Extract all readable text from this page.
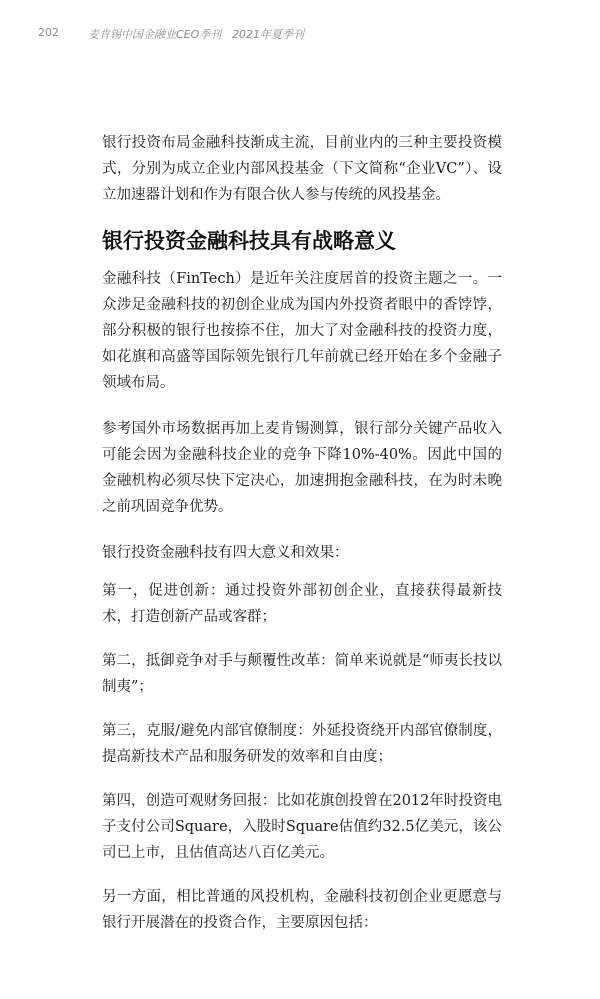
202	麦肯锡中国金融业CEO季刊 2021年夏季刊

银行投资布局金融科技渐成主流，目前业内的三种主要投资模式，分别为成立企业内部风投基金（下文简称“企业VC”）、设立加速器计划和作为有限合伙人参与传统的风投基金。

银行投资金融科技具有战略意义

金融科技（FinTech）是近年关注度居首的投资主题之一。一众涉足金融科技的初创企业成为国内外投资者眼中的香饽饽，部分积极的银行也按捺不住，加大了对金融科技的投资力度，如花旗和高盛等国际领先银行几年前就已经开始在多个金融子领域布局。

参考国外市场数据再加上麦肯锡测算，银行部分关键产品收入可能会因为金融科技企业的竞争下降10%-40%。因此中国的金融机构必须尽快下定决心，加速拥抱金融科技，在为时未晚之前巩固竞争优势。

银行投资金融科技有四大意义和效果：

第一，促进创新：通过投资外部初创企业，直接获得最新技术，打造创新产品或客群；

第二，抵御竞争对手与颠覆性改革：简单来说就是“师夷长技以制夷”；

第三，克服/避免内部官僚制度：外延投资绕开内部官僚制度，提高新技术产品和服务研发的效率和自由度；

第四，创造可观财务回报：比如花旗创投曾在2012年时投资电子支付公司Square，入股时Square估值约32.5亿美元，该公司已上市，且估值高达八百亿美元。

另一方面，相比普通的风投机构，金融科技初创企业更愿意与银行开展潜在的投资合作，主要原因包括：
